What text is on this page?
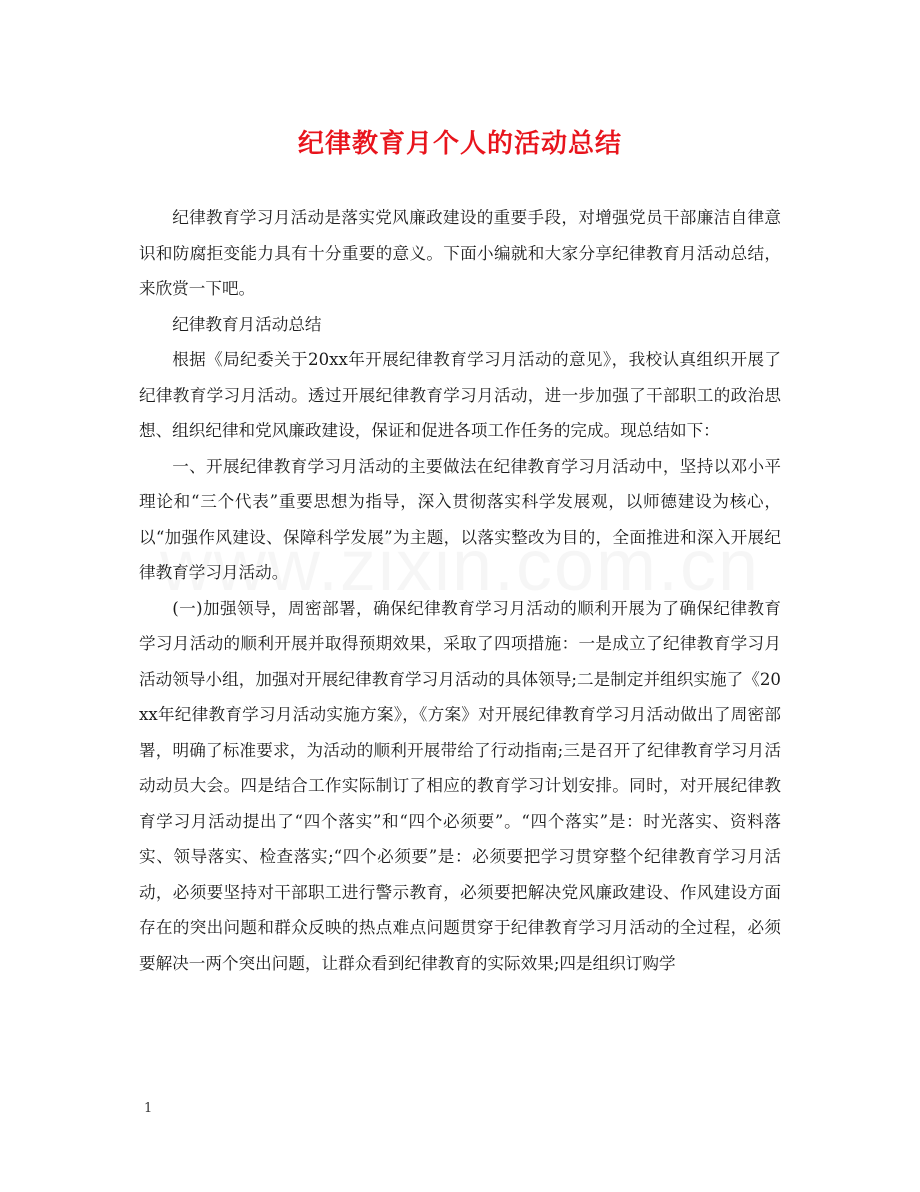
纪律教育月个人的活动总结

纪律教育学习月活动是落实党风廉政建设的重要手段，对增强党员干部廉洁自律意识和防腐拒变能力具有十分重要的意义。下面小编就和大家分享纪律教育月活动总结，来欣赏一下吧。

纪律教育月活动总结

根据《局纪委关于20xx年开展纪律教育学习月活动的意见》，我校认真组织开展了纪律教育学习月活动。透过开展纪律教育学习月活动，进一步加强了干部职工的政治思想、组织纪律和党风廉政建设，保证和促进各项工作任务的完成。现总结如下：

一、开展纪律教育学习月活动的主要做法在纪律教育学习月活动中，坚持以邓小平理论和“三个代表”重要思想为指导，深入贯彻落实科学发展观，以师德建设为核心，以“加强作风建设、保障科学发展”为主题，以落实整改为目的，全面推进和深入开展纪律教育学习月活动。

(一)加强领导，周密部署，确保纪律教育学习月活动的顺利开展为了确保纪律教育学习月活动的顺利开展并取得预期效果，采取了四项措施：一是成立了纪律教育学习月活动领导小组，加强对开展纪律教育学习月活动的具体领导;二是制定并组织实施了《20xx年纪律教育学习月活动实施方案》，《方案》对开展纪律教育学习月活动做出了周密部署，明确了标准要求，为活动的顺利开展带给了行动指南;三是召开了纪律教育学习月活动动员大会。四是结合工作实际制订了相应的教育学习计划安排。同时，对开展纪律教育学习月活动提出了“四个落实”和“四个必须要”。“四个落实”是：时光落实、资料落实、领导落实、检查落实;“四个必须要”是：必须要把学习贯穿整个纪律教育学习月活动，必须要坚持对干部职工进行警示教育，必须要把解决党风廉政建设、作风建设方面存在的突出问题和群众反映的热点难点问题贯穿于纪律教育学习月活动的全过程，必须要解决一两个突出问题，让群众看到纪律教育的实际效果;四是组织订购学

1
